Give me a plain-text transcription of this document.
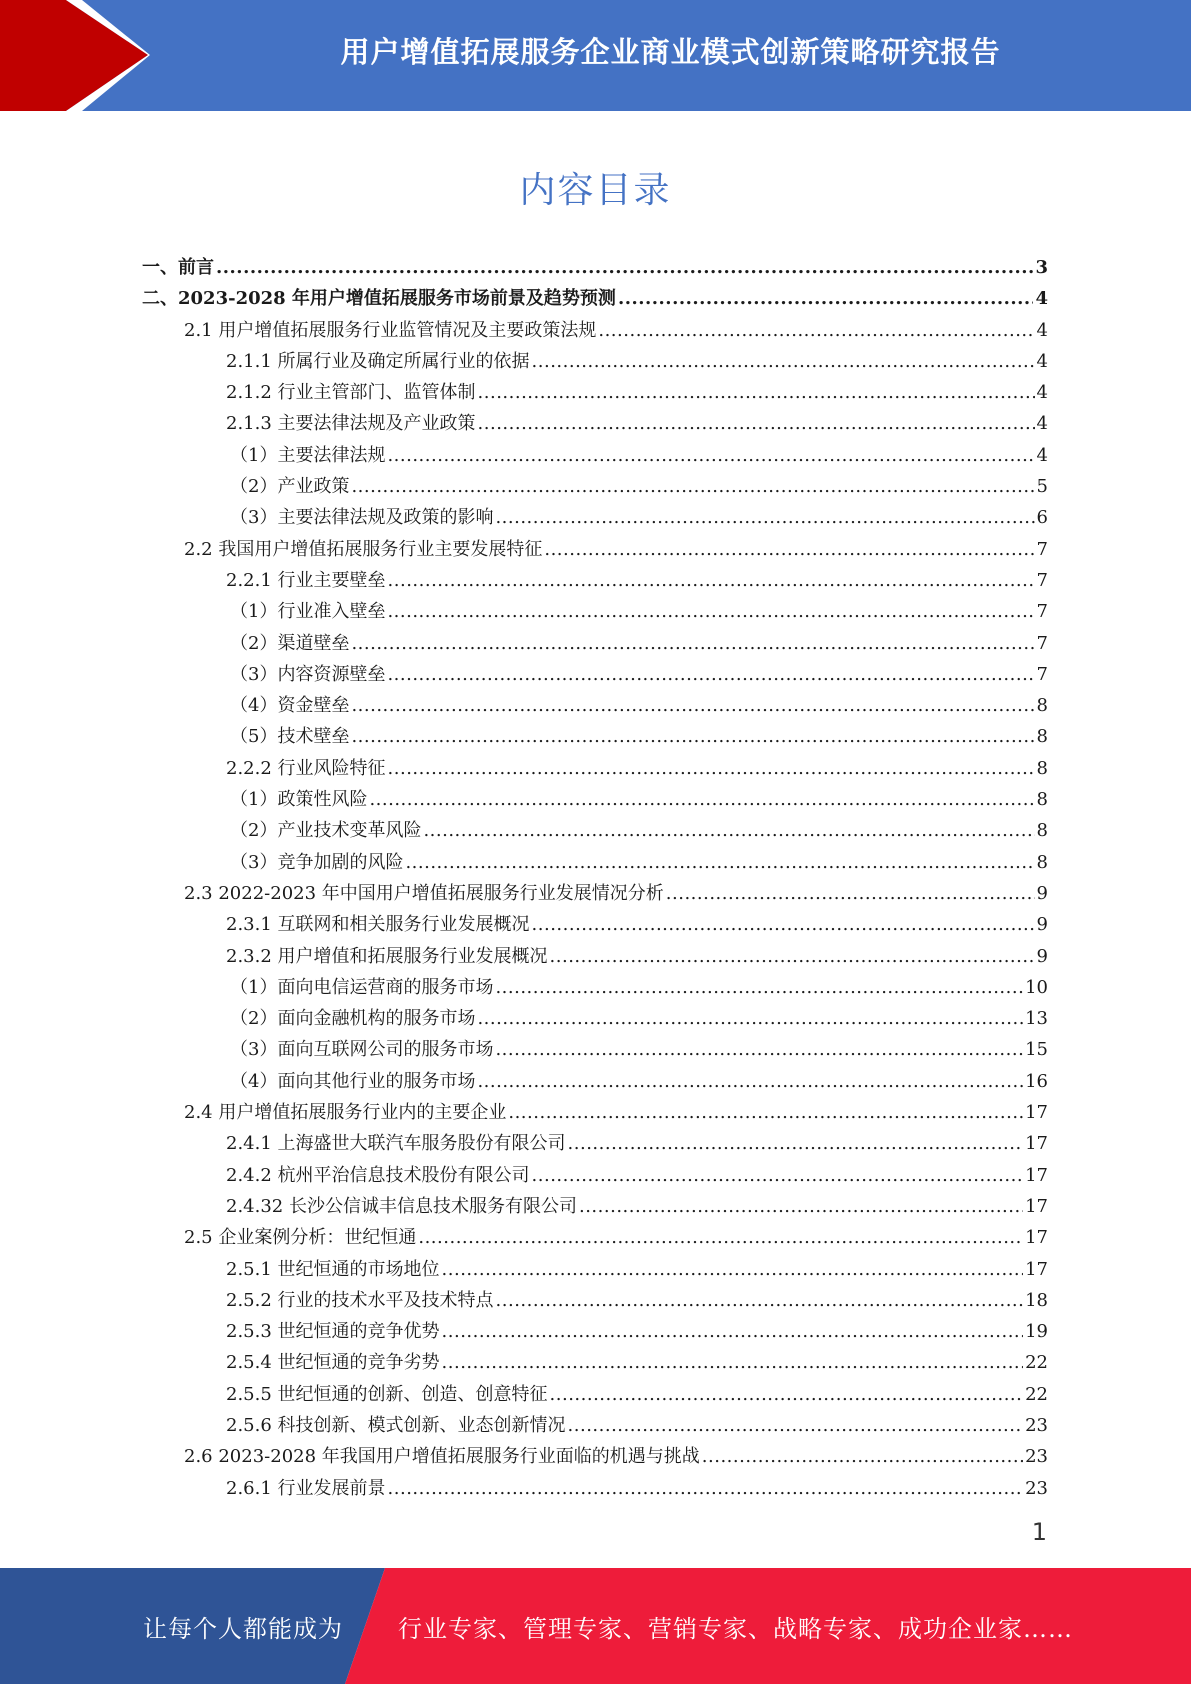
用户增值拓展服务企业商业模式创新策略研究报告
内容目录
一、前言 .....	3
二、2023-2028 年用户增值拓展服务市场前景及趋势预测 .....	4
2.1 用户增值拓展服务行业监管情况及主要政策法规 .....	4
2.1.1 所属行业及确定所属行业的依据 .....	4
2.1.2 行业主管部门、监管体制 .....	4
2.1.3 主要法律法规及产业政策 .....	4
（1）主要法律法规 .....	4
（2）产业政策 .....	5
（3）主要法律法规及政策的影响 .....	6
2.2 我国用户增值拓展服务行业主要发展特征 .....	7
2.2.1 行业主要壁垒 .....	7
（1）行业准入壁垒 .....	7
（2）渠道壁垒 .....	7
（3）内容资源壁垒 .....	7
（4）资金壁垒 .....	8
（5）技术壁垒 .....	8
2.2.2 行业风险特征 .....	8
（1）政策性风险 .....	8
（2）产业技术变革风险 .....	8
（3）竞争加剧的风险 .....	8
2.3 2022-2023 年中国用户增值拓展服务行业发展情况分析 .....	9
2.3.1 互联网和相关服务行业发展概况 .....	9
2.3.2 用户增值和拓展服务行业发展概况 .....	9
（1）面向电信运营商的服务市场 .....	10
（2）面向金融机构的服务市场 .....	13
（3）面向互联网公司的服务市场 .....	15
（4）面向其他行业的服务市场 .....	16
2.4 用户增值拓展服务行业内的主要企业 .....	17
2.4.1 上海盛世大联汽车服务股份有限公司 .....	17
2.4.2 杭州平治信息技术股份有限公司 .....	17
2.4.32 长沙公信诚丰信息技术服务有限公司 .....	17
2.5 企业案例分析：世纪恒通 .....	17
2.5.1 世纪恒通的市场地位 .....	17
2.5.2 行业的技术水平及技术特点 .....	18
2.5.3 世纪恒通的竞争优势 .....	19
2.5.4 世纪恒通的竞争劣势 .....	22
2.5.5 世纪恒通的创新、创造、创意特征 .....	22
2.5.6 科技创新、模式创新、业态创新情况 .....	23
2.6 2023-2028 年我国用户增值拓展服务行业面临的机遇与挑战 .....	23
2.6.1 行业发展前景 .....	23
1
让每个人都能成为 行业专家、管理专家、营销专家、战略专家、成功企业家……
